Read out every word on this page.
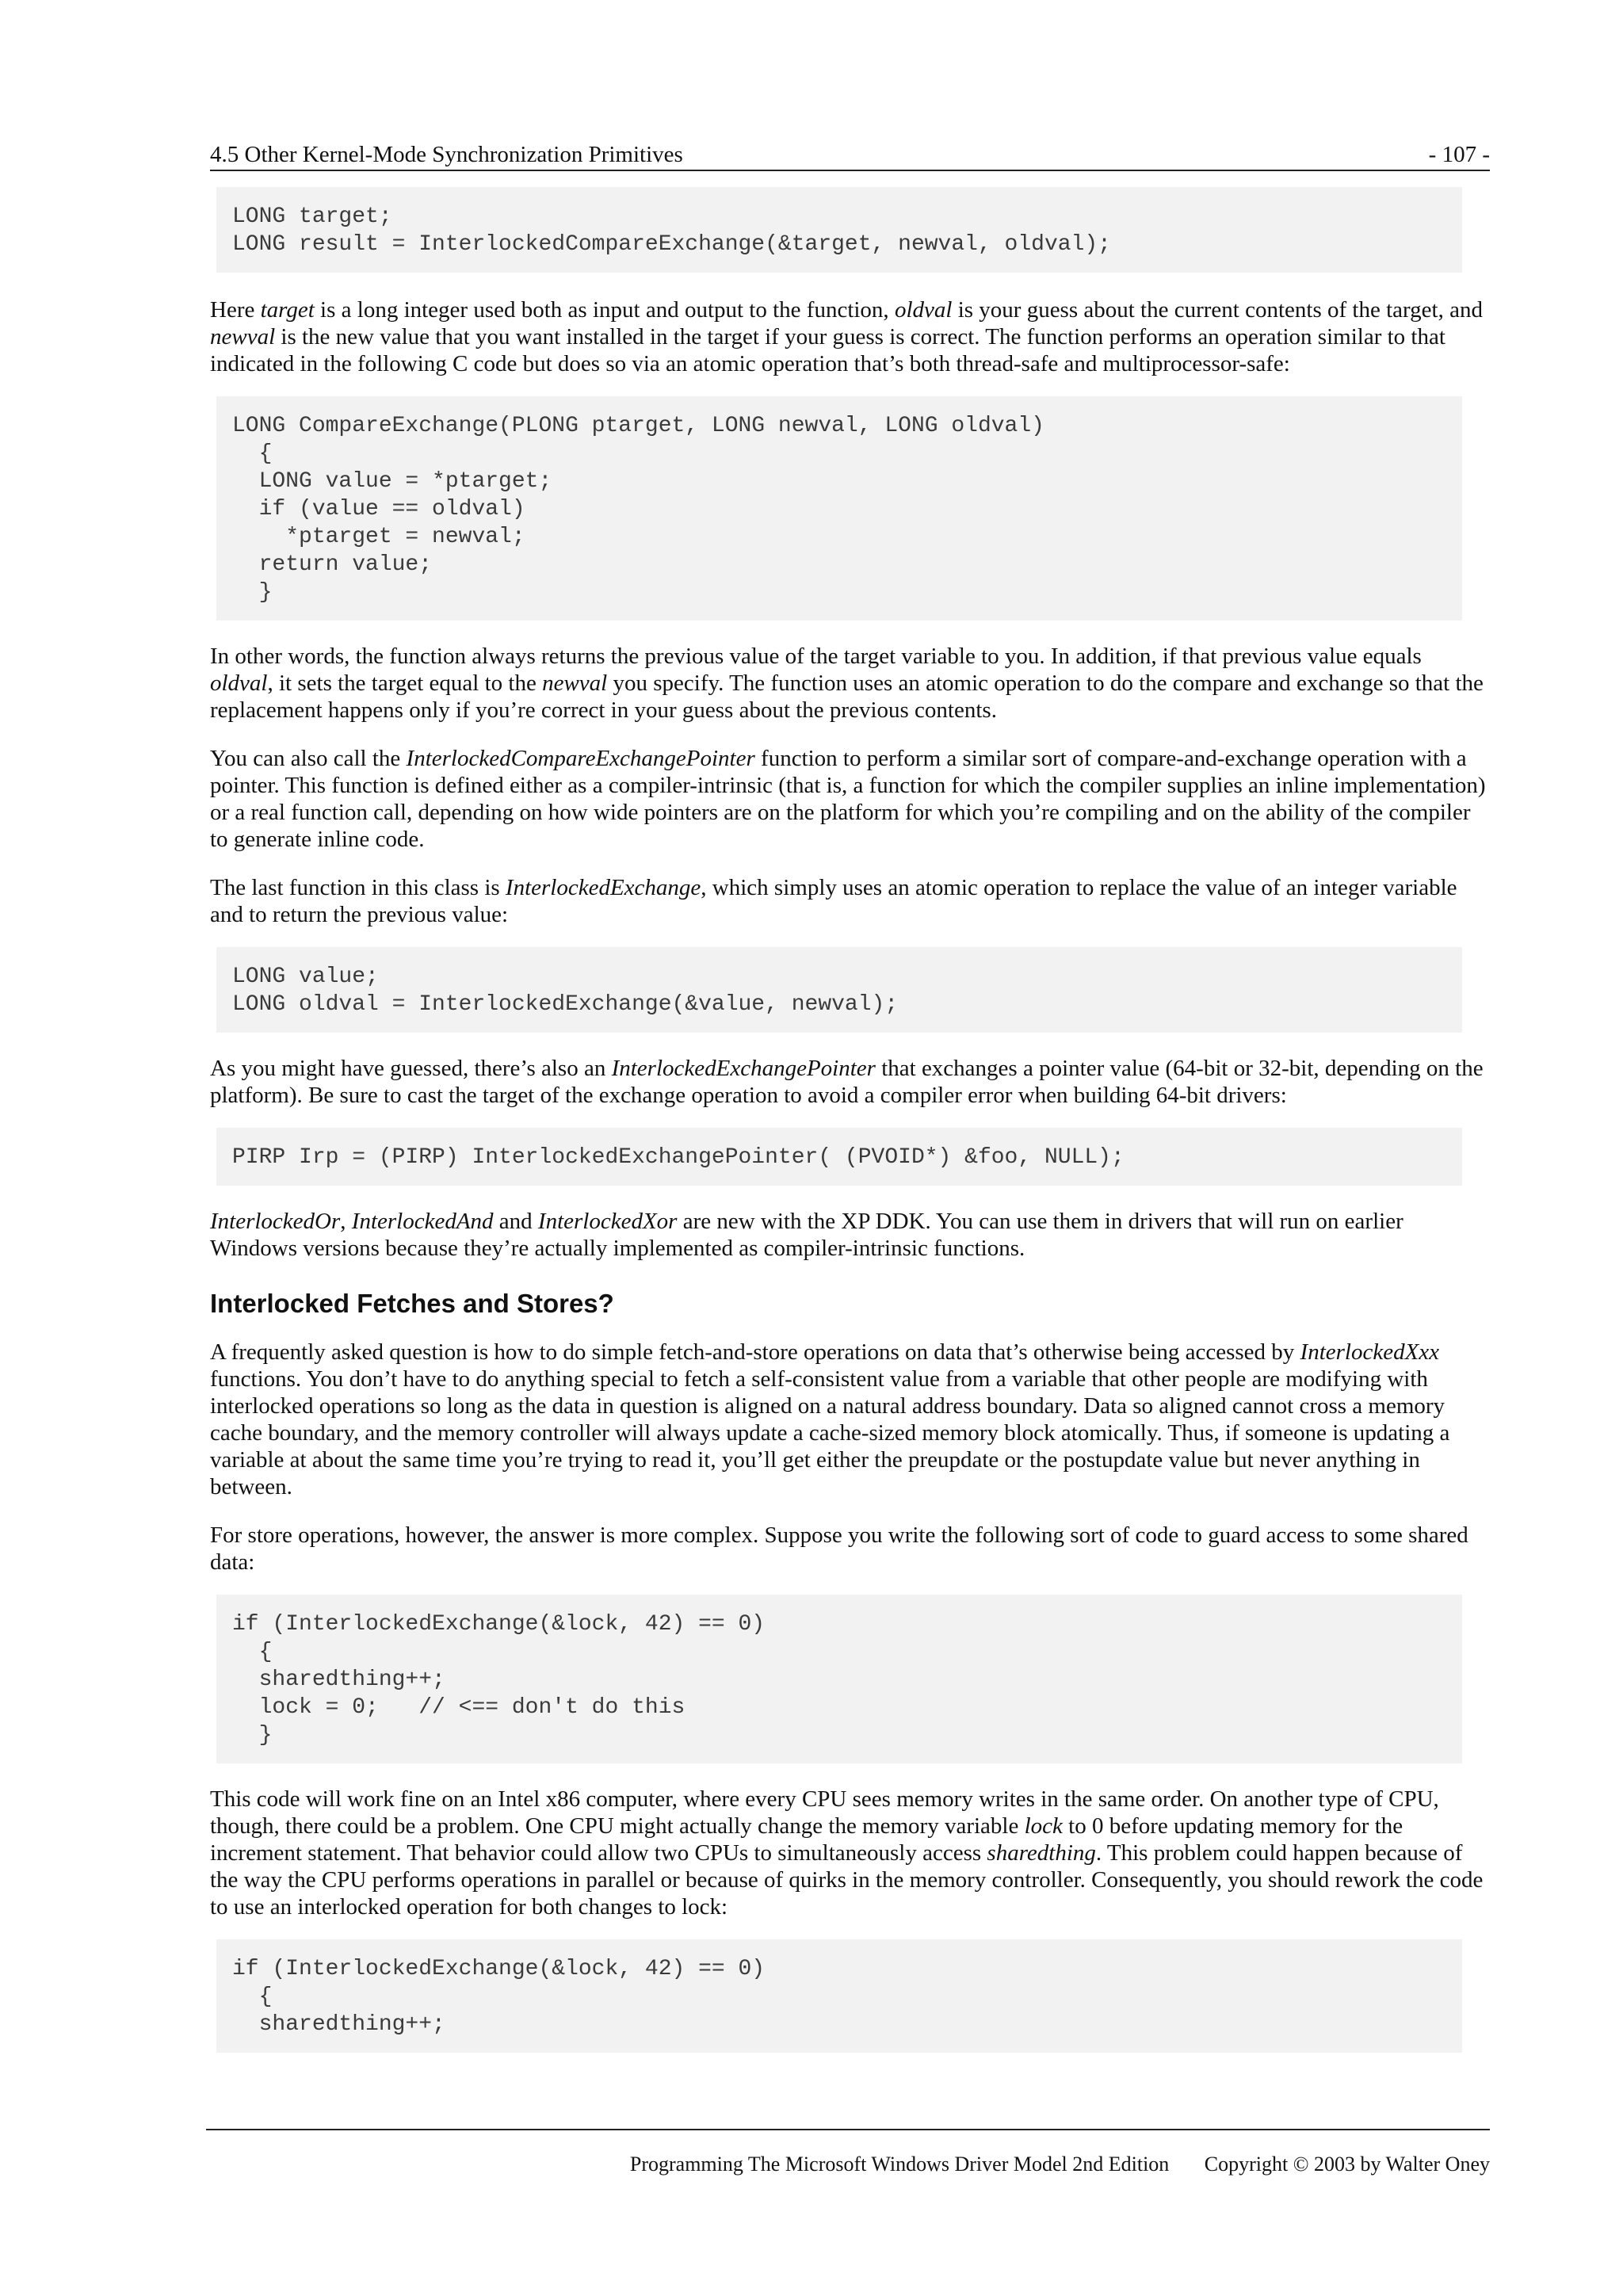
4.5 Other Kernel-Mode Synchronization Primitives	- 107 -
LONG target;
LONG result = InterlockedCompareExchange(&target, newval, oldval);

Here target is a long integer used both as input and output to the function, oldval is your guess about the current contents of the target, and newval is the new value that you want installed in the target if your guess is correct. The function performs an operation similar to that indicated in the following C code but does so via an atomic operation that’s both thread-safe and multiprocessor-safe:

LONG CompareExchange(PLONG ptarget, LONG newval, LONG oldval)
{
LONG value = *ptarget;
if (value == oldval)
*ptarget = newval;
return value;
}

In other words, the function always returns the previous value of the target variable to you. In addition, if that previous value equals oldval, it sets the target equal to the newval you specify. The function uses an atomic operation to do the compare and exchange so that the replacement happens only if you’re correct in your guess about the previous contents.

You can also call the InterlockedCompareExchangePointer function to perform a similar sort of compare-and-exchange operation with a pointer. This function is defined either as a compiler-intrinsic (that is, a function for which the compiler supplies an inline implementation) or a real function call, depending on how wide pointers are on the platform for which you’re compiling and on the ability of the compiler to generate inline code.

The last function in this class is InterlockedExchange, which simply uses an atomic operation to replace the value of an integer variable and to return the previous value:

LONG value;
LONG oldval = InterlockedExchange(&value, newval);

As you might have guessed, there’s also an InterlockedExchangePointer that exchanges a pointer value (64-bit or 32-bit, depending on the platform). Be sure to cast the target of the exchange operation to avoid a compiler error when building 64-bit drivers:

PIRP Irp = (PIRP) InterlockedExchangePointer( (PVOID*) &foo, NULL);

InterlockedOr, InterlockedAnd and InterlockedXor are new with the XP DDK. You can use them in drivers that will run on earlier Windows versions because they’re actually implemented as compiler-intrinsic functions.

Interlocked Fetches and Stores?

A frequently asked question is how to do simple fetch-and-store operations on data that’s otherwise being accessed by InterlockedXxx functions. You don’t have to do anything special to fetch a self-consistent value from a variable that other people are modifying with interlocked operations so long as the data in question is aligned on a natural address boundary. Data so aligned cannot cross a memory cache boundary, and the memory controller will always update a cache-sized memory block atomically. Thus, if someone is updating a variable at about the same time you’re trying to read it, you’ll get either the preupdate or the postupdate value but never anything in between.

For store operations, however, the answer is more complex. Suppose you write the following sort of code to guard access to some shared data:

if (InterlockedExchange(&lock, 42) == 0)
{
sharedthing++;
lock = 0;   // <== don't do this
}

This code will work fine on an Intel x86 computer, where every CPU sees memory writes in the same order. On another type of CPU, though, there could be a problem. One CPU might actually change the memory variable lock to 0 before updating memory for the increment statement. That behavior could allow two CPUs to simultaneously access sharedthing. This problem could happen because of the way the CPU performs operations in parallel or because of quirks in the memory controller. Consequently, you should rework the code to use an interlocked operation for both changes to lock:

if (InterlockedExchange(&lock, 42) == 0)
{
sharedthing++;
Programming The Microsoft Windows Driver Model 2nd Edition Copyright © 2003 by Walter Oney
